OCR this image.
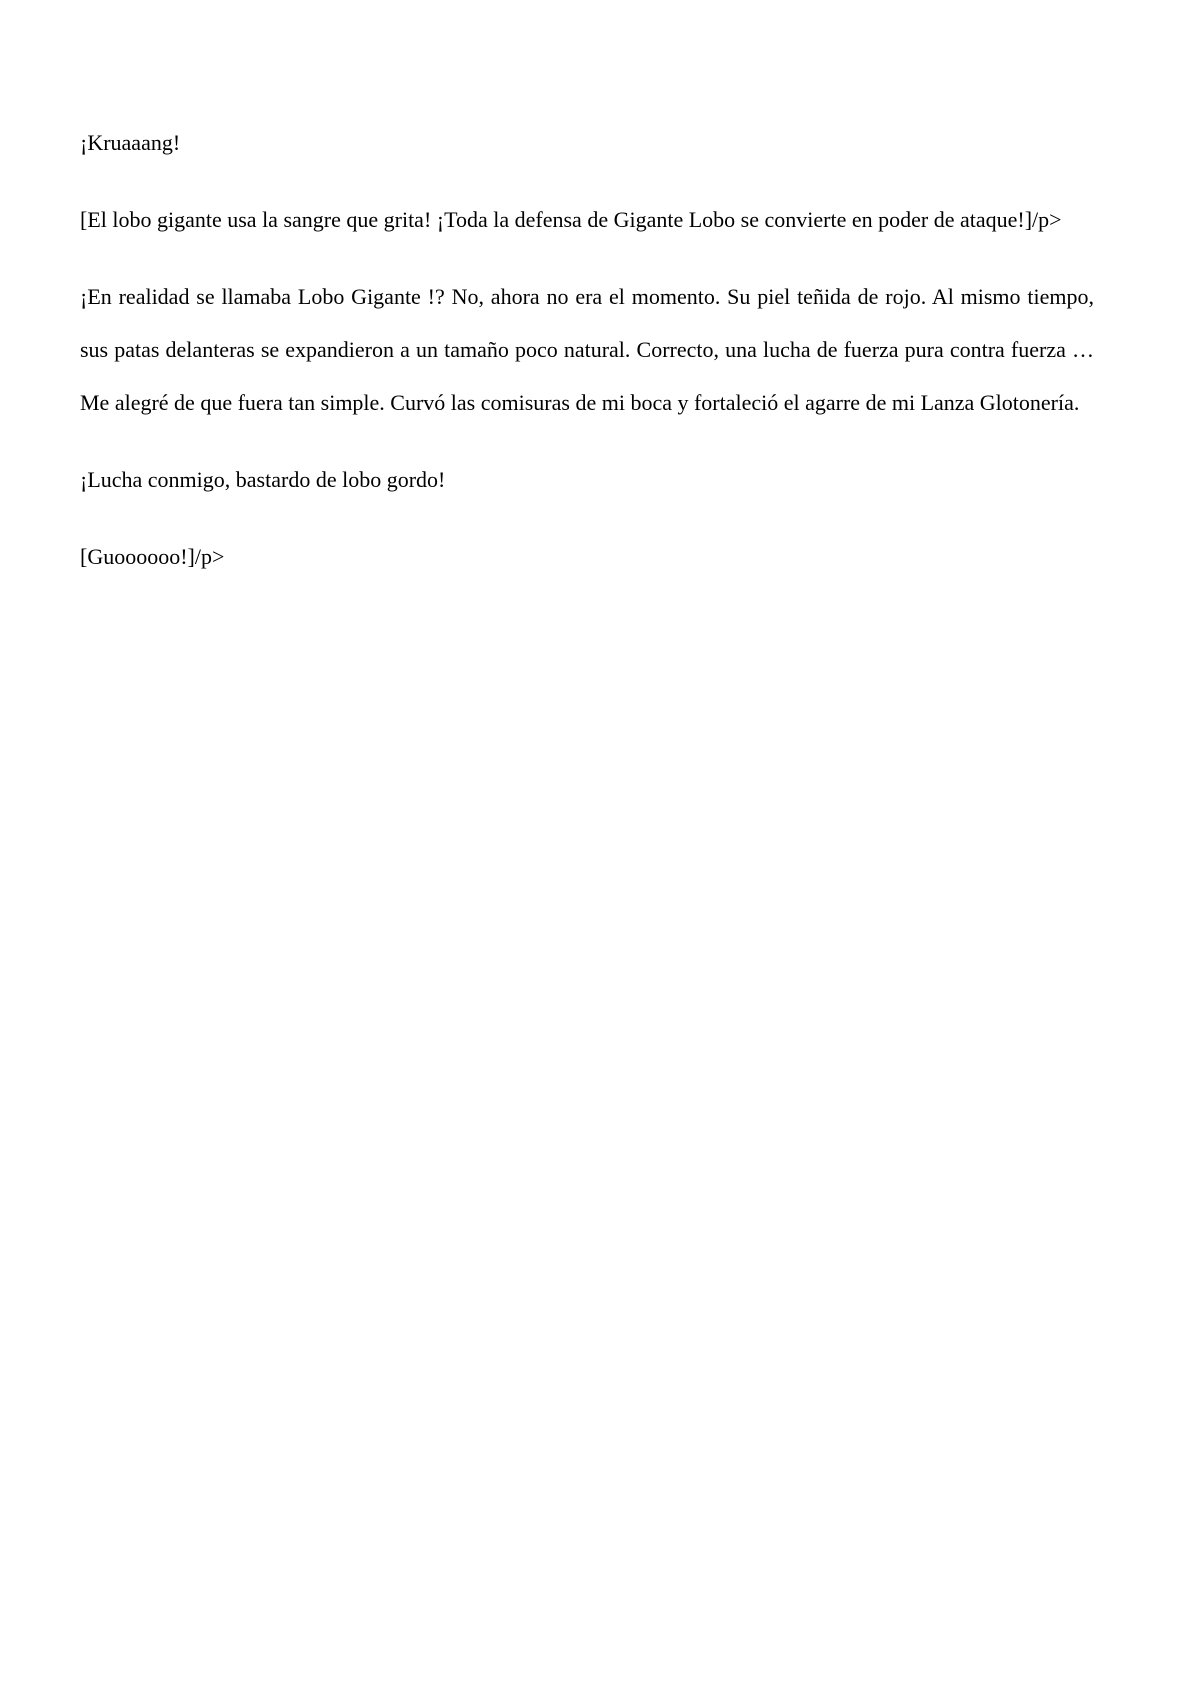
¡Kruaaang!

[El lobo gigante usa la sangre que grita! ¡Toda la defensa de Gigante Lobo se convierte en poder de ataque!]/p>

¡En realidad se llamaba Lobo Gigante !? No, ahora no era el momento. Su piel teñida de rojo. Al mismo tiempo, sus patas delanteras se expandieron a un tamaño poco natural. Correcto, una lucha de fuerza pura contra fuerza … Me alegré de que fuera tan simple. Curvó las comisuras de mi boca y fortaleció el agarre de mi Lanza Glotonería.

¡Lucha conmigo, bastardo de lobo gordo!

[Guoooooo!]/p>
